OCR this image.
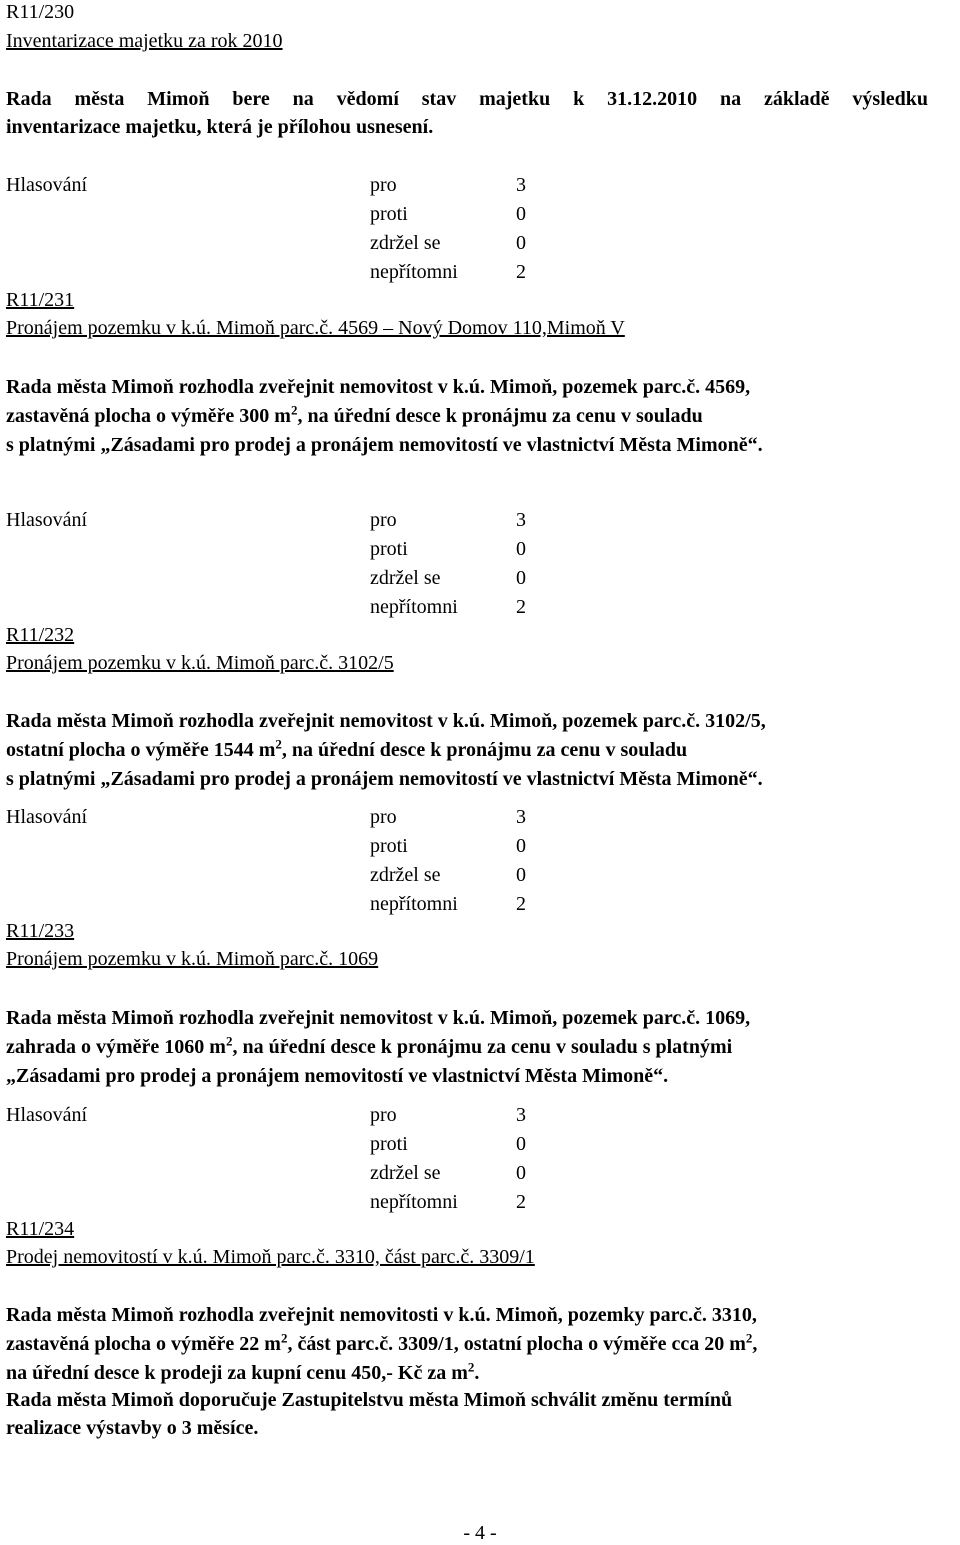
R11/230
Inventarizace majetku za rok 2010
Rada města Mimoň bere na vědomí stav majetku k 31.12.2010 na základě výsledku
inventarizace majetku, která je přílohou usnesení.
Hlasování	pro	3
proti	0
zdržel se	0
nepřítomni	2
R11/231
Pronájem pozemku v k.ú. Mimoň parc.č. 4569 – Nový Domov 110,Mimoň V
Rada města Mimoň rozhodla zveřejnit nemovitost v k.ú. Mimoň, pozemek parc.č. 4569,
zastavěná plocha o výměře 300 $m^2$, na úřední desce k pronájmu za cenu v souladu
s platnými „Zásadami pro prodej a pronájem nemovitostí ve vlastnictví Města Mimoně“.
Hlasování	pro	3
proti	0
zdržel se	0
nepřítomni	2
R11/232
Pronájem pozemku v k.ú. Mimoň parc.č. 3102/5
Rada města Mimoň rozhodla zveřejnit nemovitost v k.ú. Mimoň, pozemek parc.č. 3102/5,
ostatní plocha o výměře 1544 $m^2$, na úřední desce k pronájmu za cenu v souladu
s platnými „Zásadami pro prodej a pronájem nemovitostí ve vlastnictví Města Mimoně“.
Hlasování	pro	3
proti	0
zdržel se	0
nepřítomni	2
R11/233
Pronájem pozemku v k.ú. Mimoň parc.č. 1069
Rada města Mimoň rozhodla zveřejnit nemovitost v k.ú. Mimoň, pozemek parc.č. 1069,
zahrada o výměře 1060 $m^2$, na úřední desce k pronájmu za cenu v souladu s platnými
„Zásadami pro prodej a pronájem nemovitostí ve vlastnictví Města Mimoně“.
Hlasování	pro	3
proti	0
zdržel se	0
nepřítomni	2
R11/234
Prodej nemovitostí v k.ú. Mimoň parc.č. 3310, část parc.č. 3309/1
Rada města Mimoň rozhodla zveřejnit nemovitosti v k.ú. Mimoň, pozemky parc.č. 3310,
zastavěná plocha o výměře 22 $m^2$, část parc.č. 3309/1, ostatní plocha o výměře cca 20 $m^2$,
na úřední desce k prodeji za kupní cenu 450,- Kč za $m^2$.
Rada města Mimoň doporučuje Zastupitelstvu města Mimoň schválit změnu termínů
realizace výstavby o 3 měsíce.
- 4 -
